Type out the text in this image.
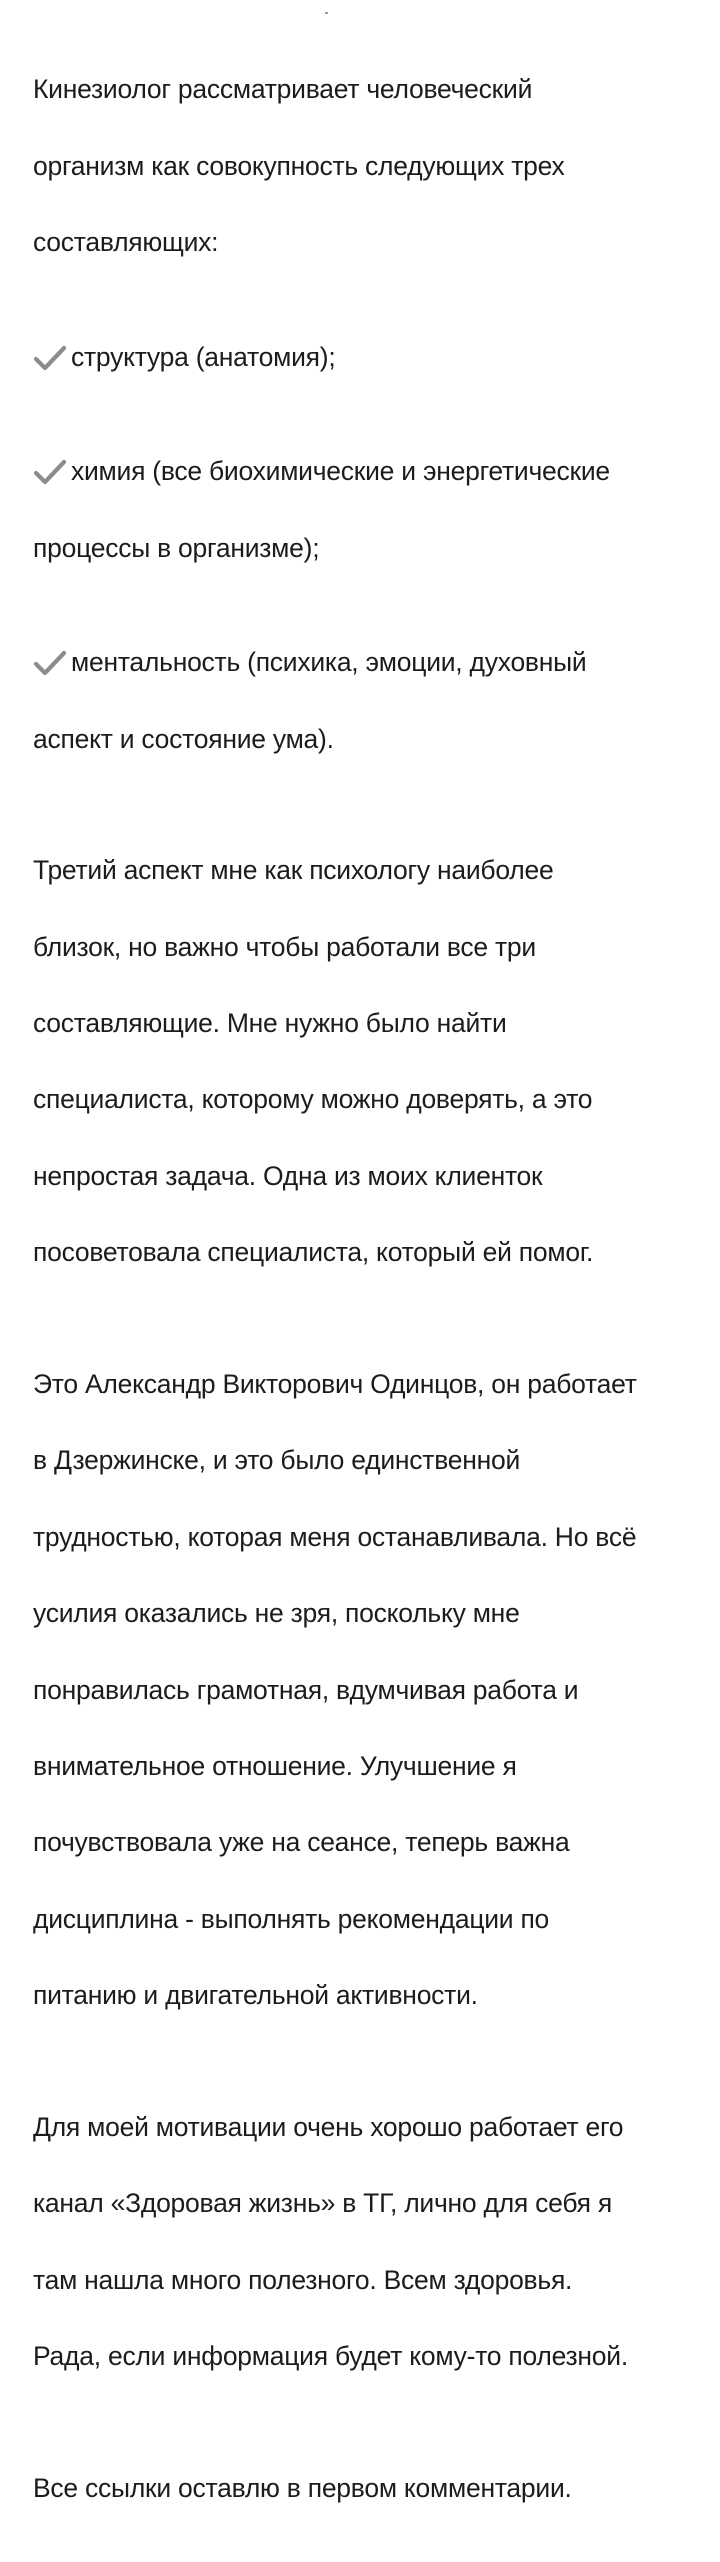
Кинезиолог рассматривает человеческий

организм как совокупность следующих трех

составляющих:

структура (анатомия);

химия (все биохимические и энергетические

процессы в организме);

ментальность (психика, эмоции, духовный

аспект и состояние ума).

Третий аспект мне как психологу наиболее

близок, но важно чтобы работали все три

составляющие. Мне нужно было найти

специалиста, которому можно доверять, а это

непростая задача. Одна из моих клиенток

посоветовала специалиста, который ей помог.

Это Александр Викторович Одинцов, он работает

в Дзержинске, и это было единственной

трудностью, которая меня останавливала. Но всё

усилия оказались не зря, поскольку мне

понравилась грамотная, вдумчивая работа и

внимательное отношение. Улучшение я

почувствовала уже на сеансе, теперь важна

дисциплина - выполнять рекомендации по

питанию и двигательной активности.

Для моей мотивации очень хорошо работает его

канал «Здоровая жизнь» в ТГ, лично для себя я

там нашла много полезного. Всем здоровья.

Рада, если информация будет кому-то полезной.

Все ссылки оставлю в первом комментарии.
